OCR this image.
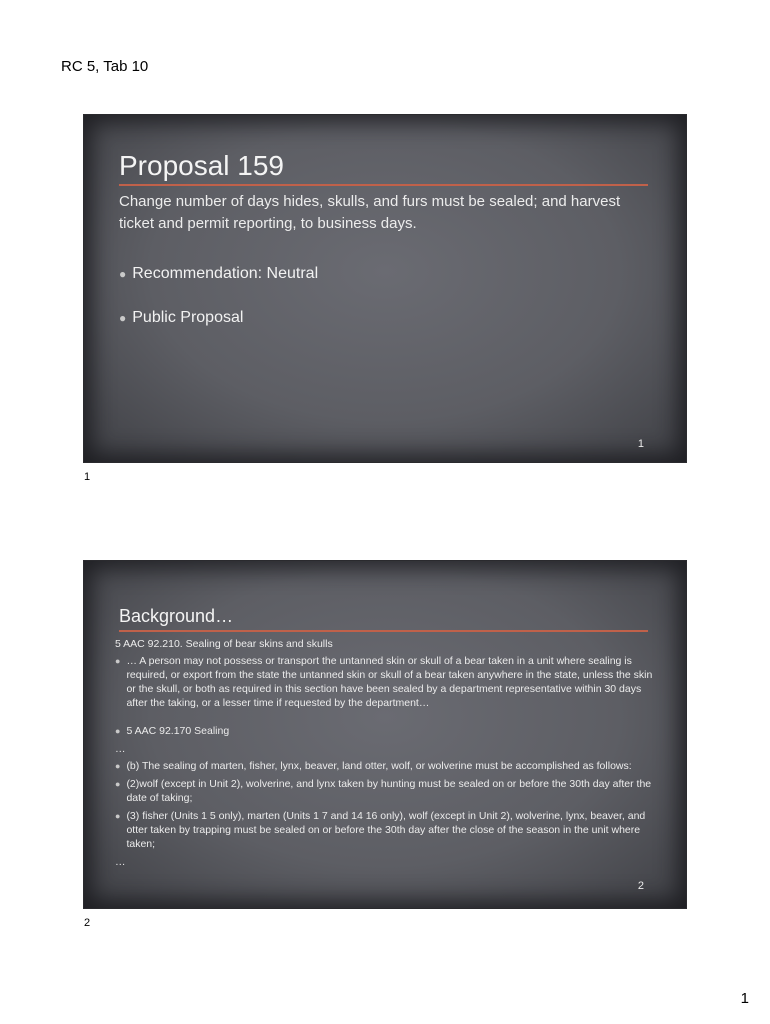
RC 5, Tab 10
Proposal 159
Change number of days hides, skulls, and furs must be sealed; and harvest ticket and permit reporting, to business days.
● Recommendation: Neutral
● Public Proposal
1
1
Background…
5 AAC 92.210. Sealing of bear skins and skulls
● … A person may not possess or transport the untanned skin or skull of a bear taken in a unit where sealing is required, or export from the state the untanned skin or skull of a bear taken anywhere in the state, unless the skin or the skull, or both as required in this section have been sealed by a department representative within 30 days after the taking, or a lesser time if requested by the department…
● 5 AAC 92.170 Sealing
…
● (b) The sealing of marten, fisher, lynx, beaver, land otter, wolf, or wolverine must be accomplished as follows:
● (2)wolf (except in Unit 2), wolverine, and lynx taken by hunting must be sealed on or before the 30th day after the date of taking;
● (3) fisher (Units 1 5 only), marten (Units 1 7 and 14 16 only), wolf (except in Unit 2), wolverine, lynx, beaver, and otter taken by trapping must be sealed on or before the 30th day after the close of the season in the unit where taken;
…
2
2
1
